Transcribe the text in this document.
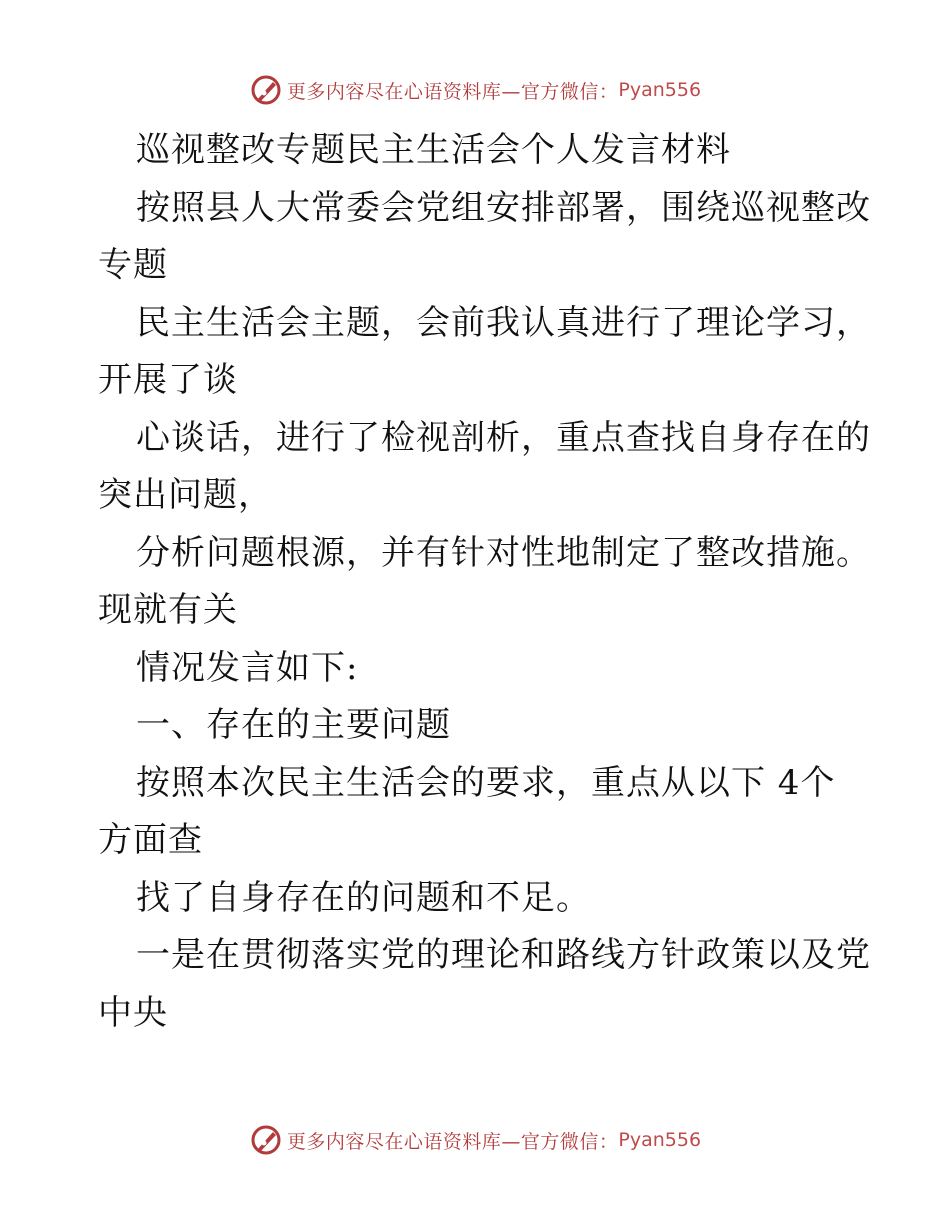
更多内容尽在心语资料库—官方微信： Pyan556
巡视整改专题民主生活会个人发言材料
按照县人大常委会党组安排部署，围绕巡视整改
专题
民主生活会主题，会前我认真进行了理论学习，
开展了谈
心谈话，进行了检视剖析，重点查找自身存在的
突出问题，
分析问题根源，并有针对性地制定了整改措施。
现就有关
情况发言如下:
一、存在的主要问题
按照本次民主生活会的要求，重点从以下 4个
方面查
找了自身存在的问题和不足。
一是在贯彻落实党的理论和路线方针政策以及党
中央
更多内容尽在心语资料库—官方微信： Pyan556
